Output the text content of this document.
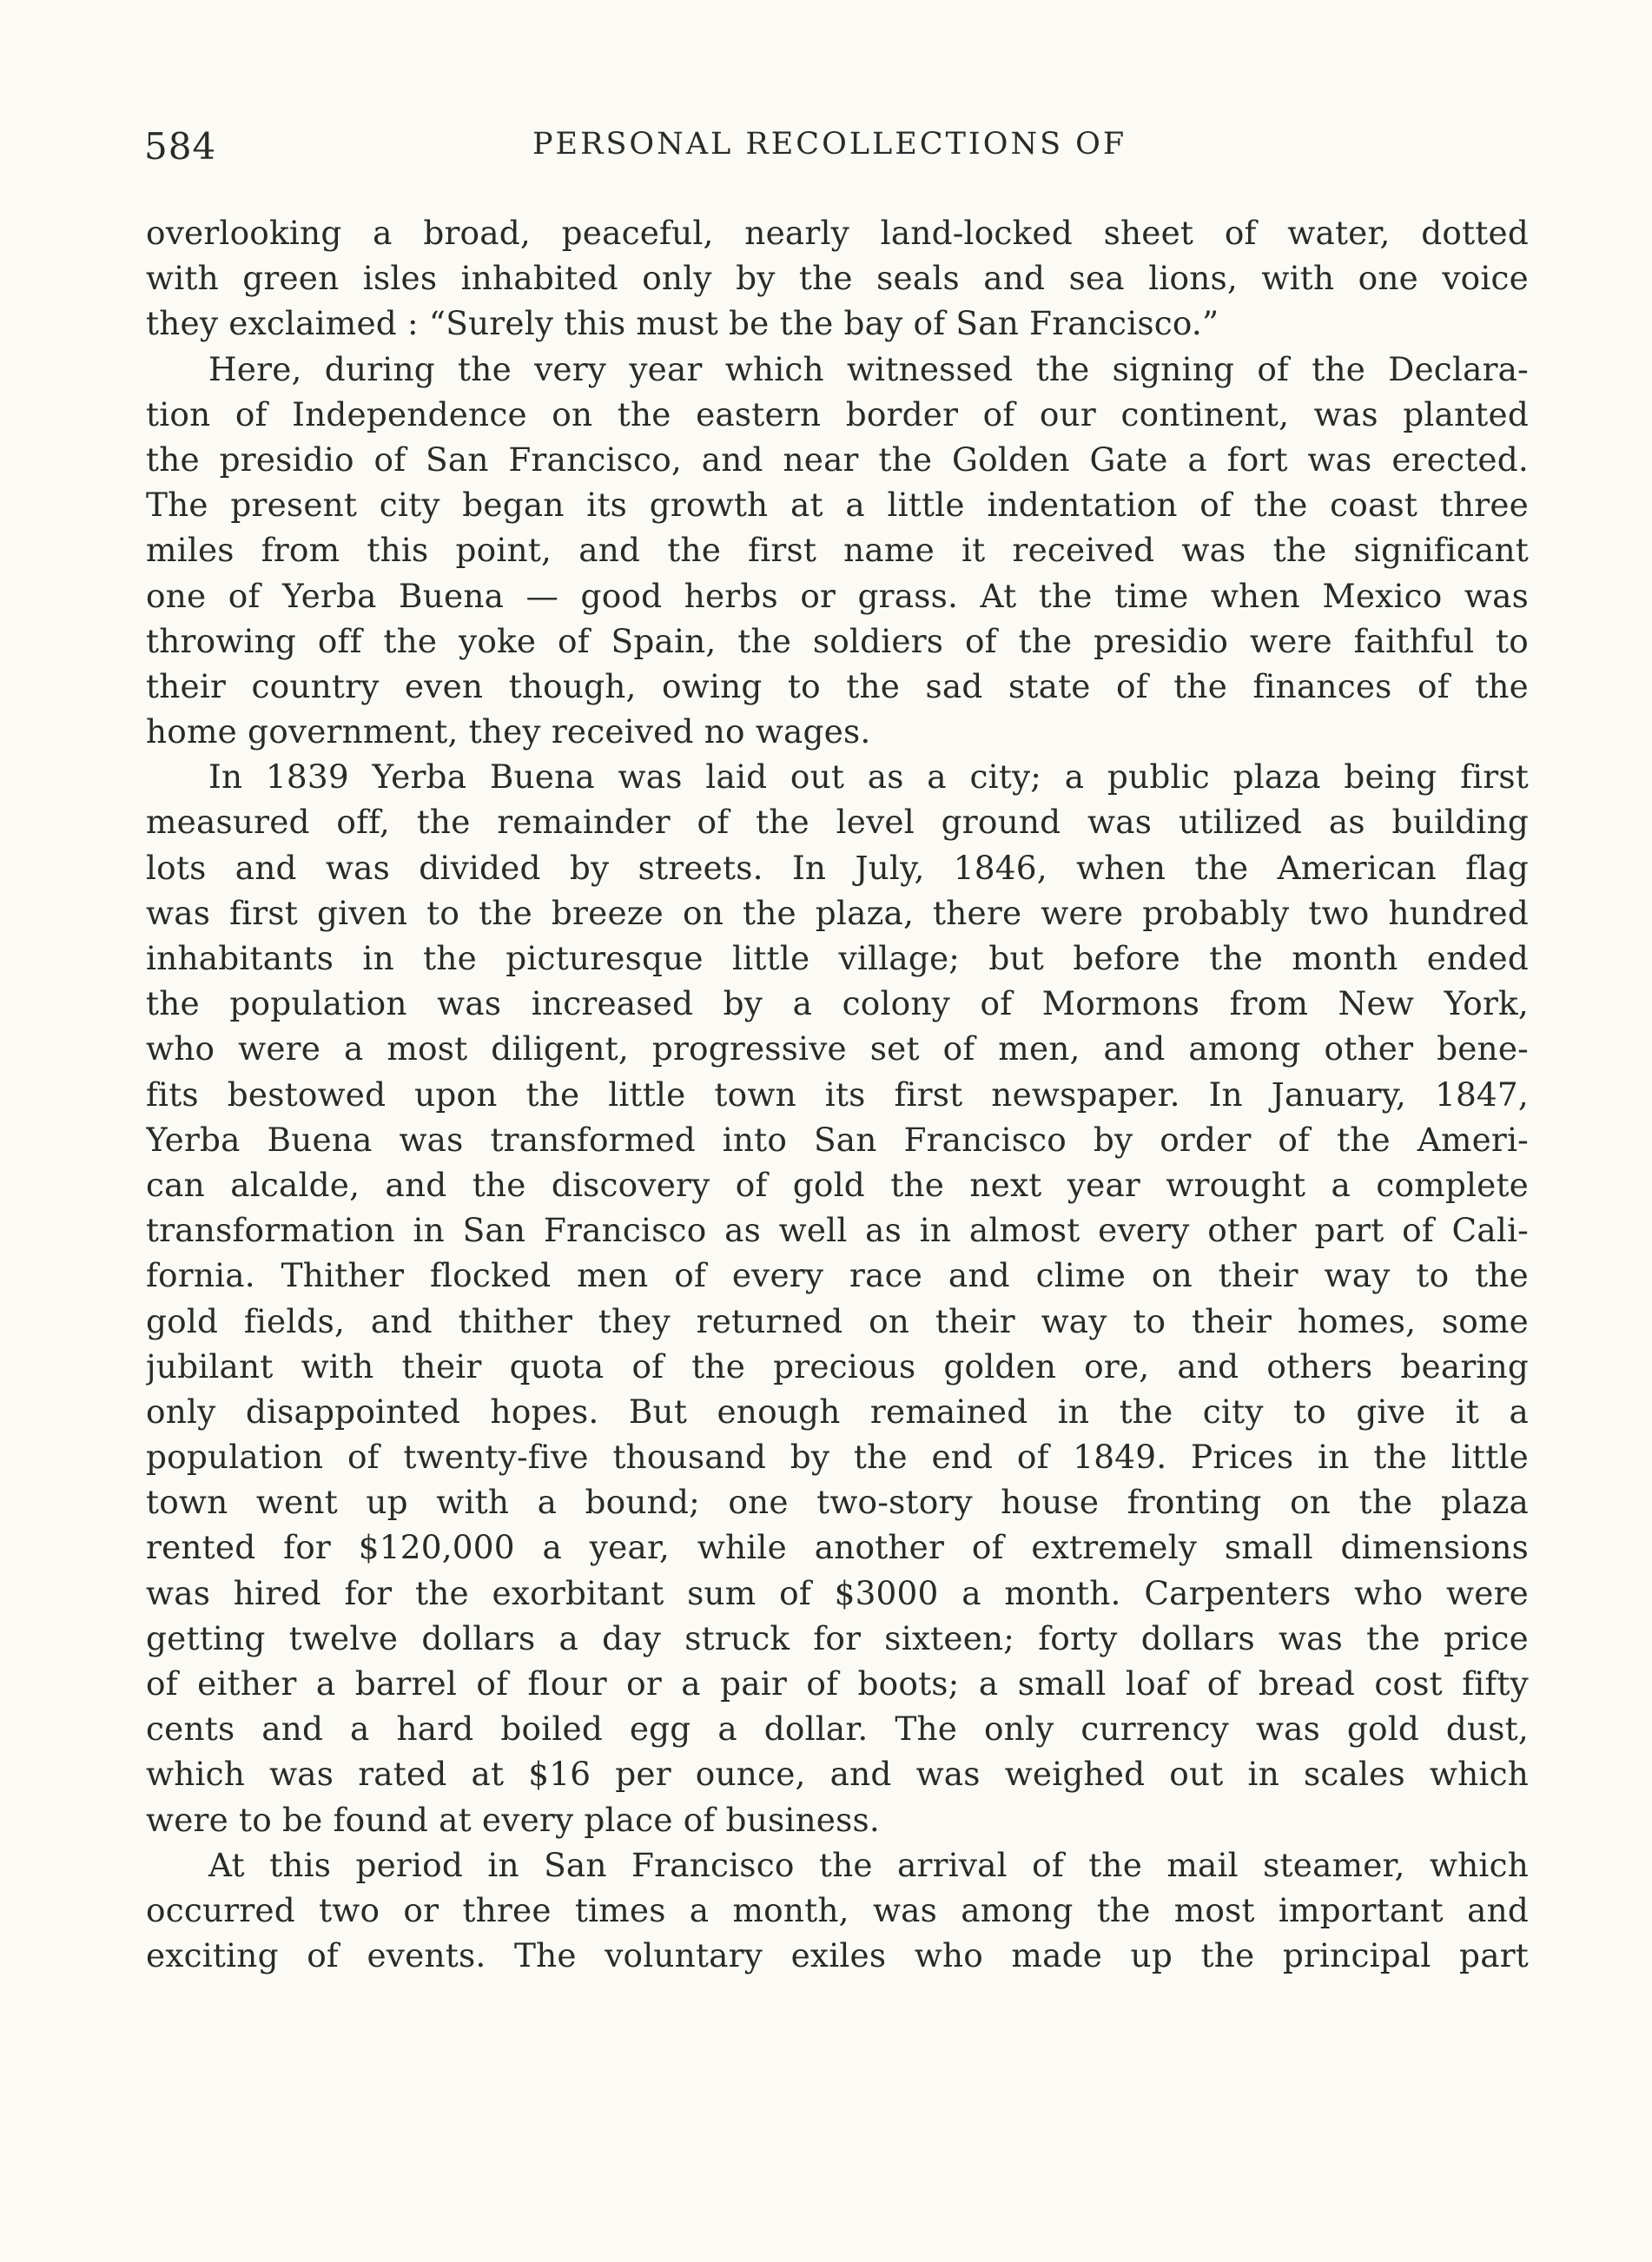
584	PERSONAL RECOLLECTIONS OF
overlooking a broad, peaceful, nearly land-locked sheet of water, dotted
with green isles inhabited only by the seals and sea lions, with one voice
they exclaimed : “Surely this must be the bay of San Francisco.”
Here, during the very year which witnessed the signing of the Declara-
tion of Independence on the eastern border of our continent, was planted
the presidio of San Francisco, and near the Golden Gate a fort was erected.
The present city began its growth at a little indentation of the coast three
miles from this point, and the first name it received was the significant
one of Yerba Buena — good herbs or grass. At the time when Mexico was
throwing off the yoke of Spain, the soldiers of the presidio were faithful to
their country even though, owing to the sad state of the finances of the
home government, they received no wages.
In 1839 Yerba Buena was laid out as a city; a public plaza being first
measured off, the remainder of the level ground was utilized as building
lots and was divided by streets. In July, 1846, when the American flag
was first given to the breeze on the plaza, there were probably two hundred
inhabitants in the picturesque little village; but before the month ended
the population was increased by a colony of Mormons from New York,
who were a most diligent, progressive set of men, and among other bene-
fits bestowed upon the little town its first newspaper. In January, 1847,
Yerba Buena was transformed into San Francisco by order of the Ameri-
can alcalde, and the discovery of gold the next year wrought a complete
transformation in San Francisco as well as in almost every other part of Cali-
fornia. Thither flocked men of every race and clime on their way to the
gold fields, and thither they returned on their way to their homes, some
jubilant with their quota of the precious golden ore, and others bearing
only disappointed hopes. But enough remained in the city to give it a
population of twenty-five thousand by the end of 1849. Prices in the little
town went up with a bound; one two-story house fronting on the plaza
rented for $120,000 a year, while another of extremely small dimensions
was hired for the exorbitant sum of $3000 a month. Carpenters who were
getting twelve dollars a day struck for sixteen; forty dollars was the price
of either a barrel of flour or a pair of boots; a small loaf of bread cost fifty
cents and a hard boiled egg a dollar. The only currency was gold dust,
which was rated at $16 per ounce, and was weighed out in scales which
were to be found at every place of business.
At this period in San Francisco the arrival of the mail steamer, which
occurred two or three times a month, was among the most important and
exciting of events. The voluntary exiles who made up the principal part
